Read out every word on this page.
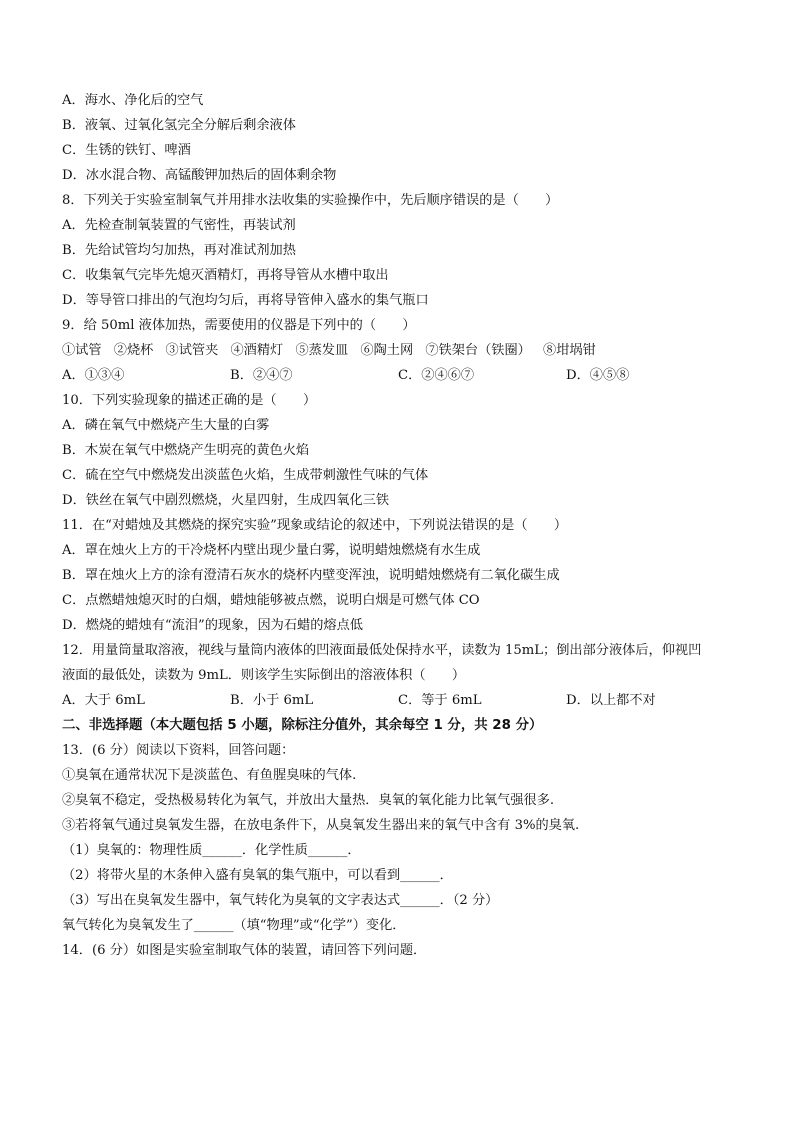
A．海水、净化后的空气
B．液氧、过氧化氢完全分解后剩余液体
C．生锈的铁钉、啤酒
D．冰水混合物、高锰酸钾加热后的固体剩余物
8．下列关于实验室制氧气并用排水法收集的实验操作中，先后顺序错误的是（　　）
A．先检查制氧装置的气密性，再装试剂
B．先给试管均匀加热，再对准试剂加热
C．收集氧气完毕先熄灭酒精灯，再将导管从水槽中取出
D．等导管口排出的气泡均匀后，再将导管伸入盛水的集气瓶口
9．给 50ml 液体加热，需要使用的仪器是下列中的（　　）
①试管 ②烧杯 ③试管夹 ④酒精灯 ⑤蒸发皿 ⑥陶土网 ⑦铁架台（铁圈） ⑧坩埚钳
A．①③④	B．②④⑦	C．②④⑥⑦	D．④⑤⑧
10．下列实验现象的描述正确的是（　　）
A．磷在氧气中燃烧产生大量的白雾
B．木炭在氧气中燃烧产生明亮的黄色火焰
C．硫在空气中燃烧发出淡蓝色火焰，生成带刺激性气味的气体
D．铁丝在氧气中剧烈燃烧，火星四射，生成四氧化三铁
11．在“对蜡烛及其燃烧的探究实验”现象或结论的叙述中，下列说法错误的是（　　）
A．罩在烛火上方的干冷烧杯内壁出现少量白雾，说明蜡烛燃烧有水生成
B．罩在烛火上方的涂有澄清石灰水的烧杯内壁变浑浊，说明蜡烛燃烧有二氧化碳生成
C．点燃蜡烛熄灭时的白烟，蜡烛能够被点燃，说明白烟是可燃气体 CO
D．燃烧的蜡烛有“流泪”的现象，因为石蜡的熔点低
12．用量筒量取溶液，视线与量筒内液体的凹液面最低处保持水平，读数为 15mL；倒出部分液体后，仰视凹
液面的最低处，读数为 9mL．则该学生实际倒出的溶液体积（　　）
A．大于 6mL	B．小于 6mL	C．等于 6mL	D．以上都不对
二、非选择题（本大题包括 5 小题，除标注分值外，其余每空 1 分，共 28 分）
13．(6 分）阅读以下资料，回答问题：
①臭氧在通常状况下是淡蓝色、有鱼腥臭味的气体.
②臭氧不稳定，受热极易转化为氧气，并放出大量热．臭氧的氧化能力比氧气强很多.
③若将氧气通过臭氧发生器，在放电条件下，从臭氧发生器出来的氧气中含有 3%的臭氧.
（1）臭氧的：物理性质______．化学性质______．
（2）将带火星的木条伸入盛有臭氧的集气瓶中，可以看到______．
（3）写出在臭氧发生器中，氧气转化为臭氧的文字表达式______．（2 分）
氧气转化为臭氧发生了______（填“物理”或“化学”）变化．
14．(6 分）如图是实验室制取气体的装置，请回答下列问题．
